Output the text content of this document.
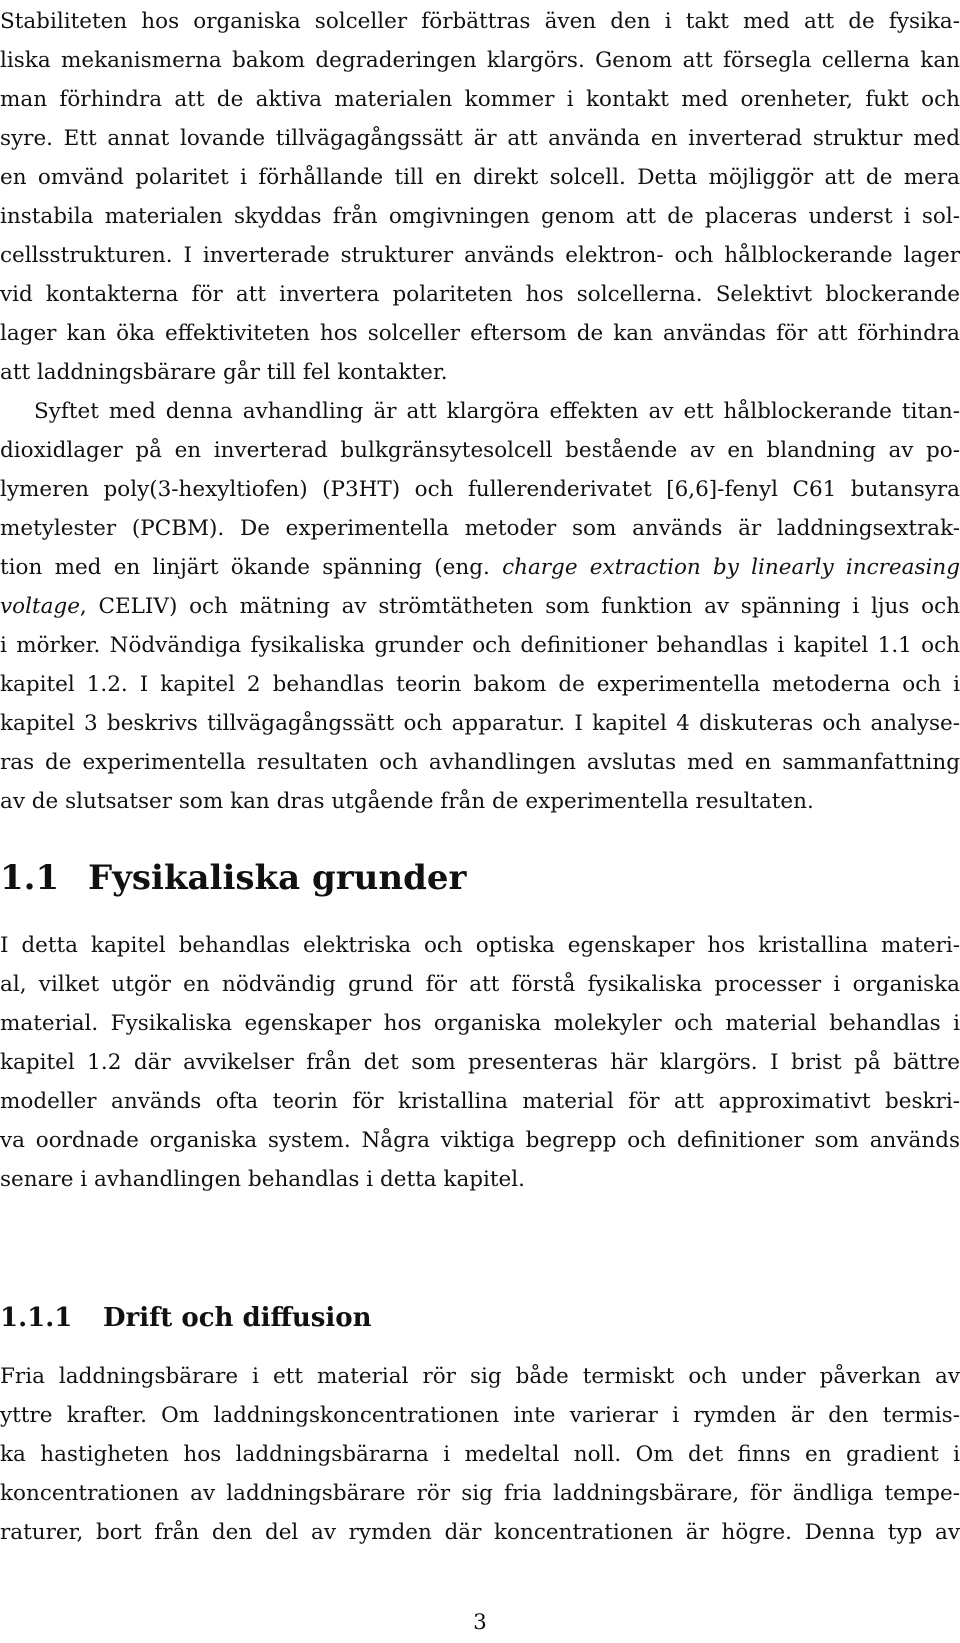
Stabiliteten hos organiska solceller förbättras även den i takt med att de fysika-
liska mekanismerna bakom degraderingen klargörs. Genom att försegla cellerna kan
man förhindra att de aktiva materialen kommer i kontakt med orenheter, fukt och
syre. Ett annat lovande tillvägagångssätt är att använda en inverterad struktur med
en omvänd polaritet i förhållande till en direkt solcell. Detta möjliggör att de mera
instabila materialen skyddas från omgivningen genom att de placeras underst i sol-
cellsstrukturen. I inverterade strukturer används elektron- och hålblockerande lager
vid kontakterna för att invertera polariteten hos solcellerna. Selektivt blockerande
lager kan öka effektiviteten hos solceller eftersom de kan användas för att förhindra
att laddningsbärare går till fel kontakter.
Syftet med denna avhandling är att klargöra effekten av ett hålblockerande titan-
dioxidlager på en inverterad bulkgränsytesolcell bestående av en blandning av po-
lymeren poly(3-hexyltiofen) (P3HT) och fullerenderivatet [6,6]-fenyl C61 butansyra
metylester (PCBM). De experimentella metoder som används är laddningsextrak-
tion med en linjärt ökande spänning (eng. charge extraction by linearly increasing
voltage, CELIV) och mätning av strömtätheten som funktion av spänning i ljus och
i mörker. Nödvändiga fysikaliska grunder och definitioner behandlas i kapitel 1.1 och
kapitel 1.2. I kapitel 2 behandlas teorin bakom de experimentella metoderna och i
kapitel 3 beskrivs tillvägagångssätt och apparatur. I kapitel 4 diskuteras och analyse-
ras de experimentella resultaten och avhandlingen avslutas med en sammanfattning
av de slutsatser som kan dras utgående från de experimentella resultaten.
1.1 Fysikaliska grunder
I detta kapitel behandlas elektriska och optiska egenskaper hos kristallina materi-
al, vilket utgör en nödvändig grund för att förstå fysikaliska processer i organiska
material. Fysikaliska egenskaper hos organiska molekyler och material behandlas i
kapitel 1.2 där avvikelser från det som presenteras här klargörs. I brist på bättre
modeller används ofta teorin för kristallina material för att approximativt beskri-
va oordnade organiska system. Några viktiga begrepp och definitioner som används
senare i avhandlingen behandlas i detta kapitel.
1.1.1 Drift och diffusion
Fria laddningsbärare i ett material rör sig både termiskt och under påverkan av
yttre krafter. Om laddningskoncentrationen inte varierar i rymden är den termis-
ka hastigheten hos laddningsbärarna i medeltal noll. Om det finns en gradient i
koncentrationen av laddningsbärare rör sig fria laddningsbärare, för ändliga tempe-
raturer, bort från den del av rymden där koncentrationen är högre. Denna typ av
3
